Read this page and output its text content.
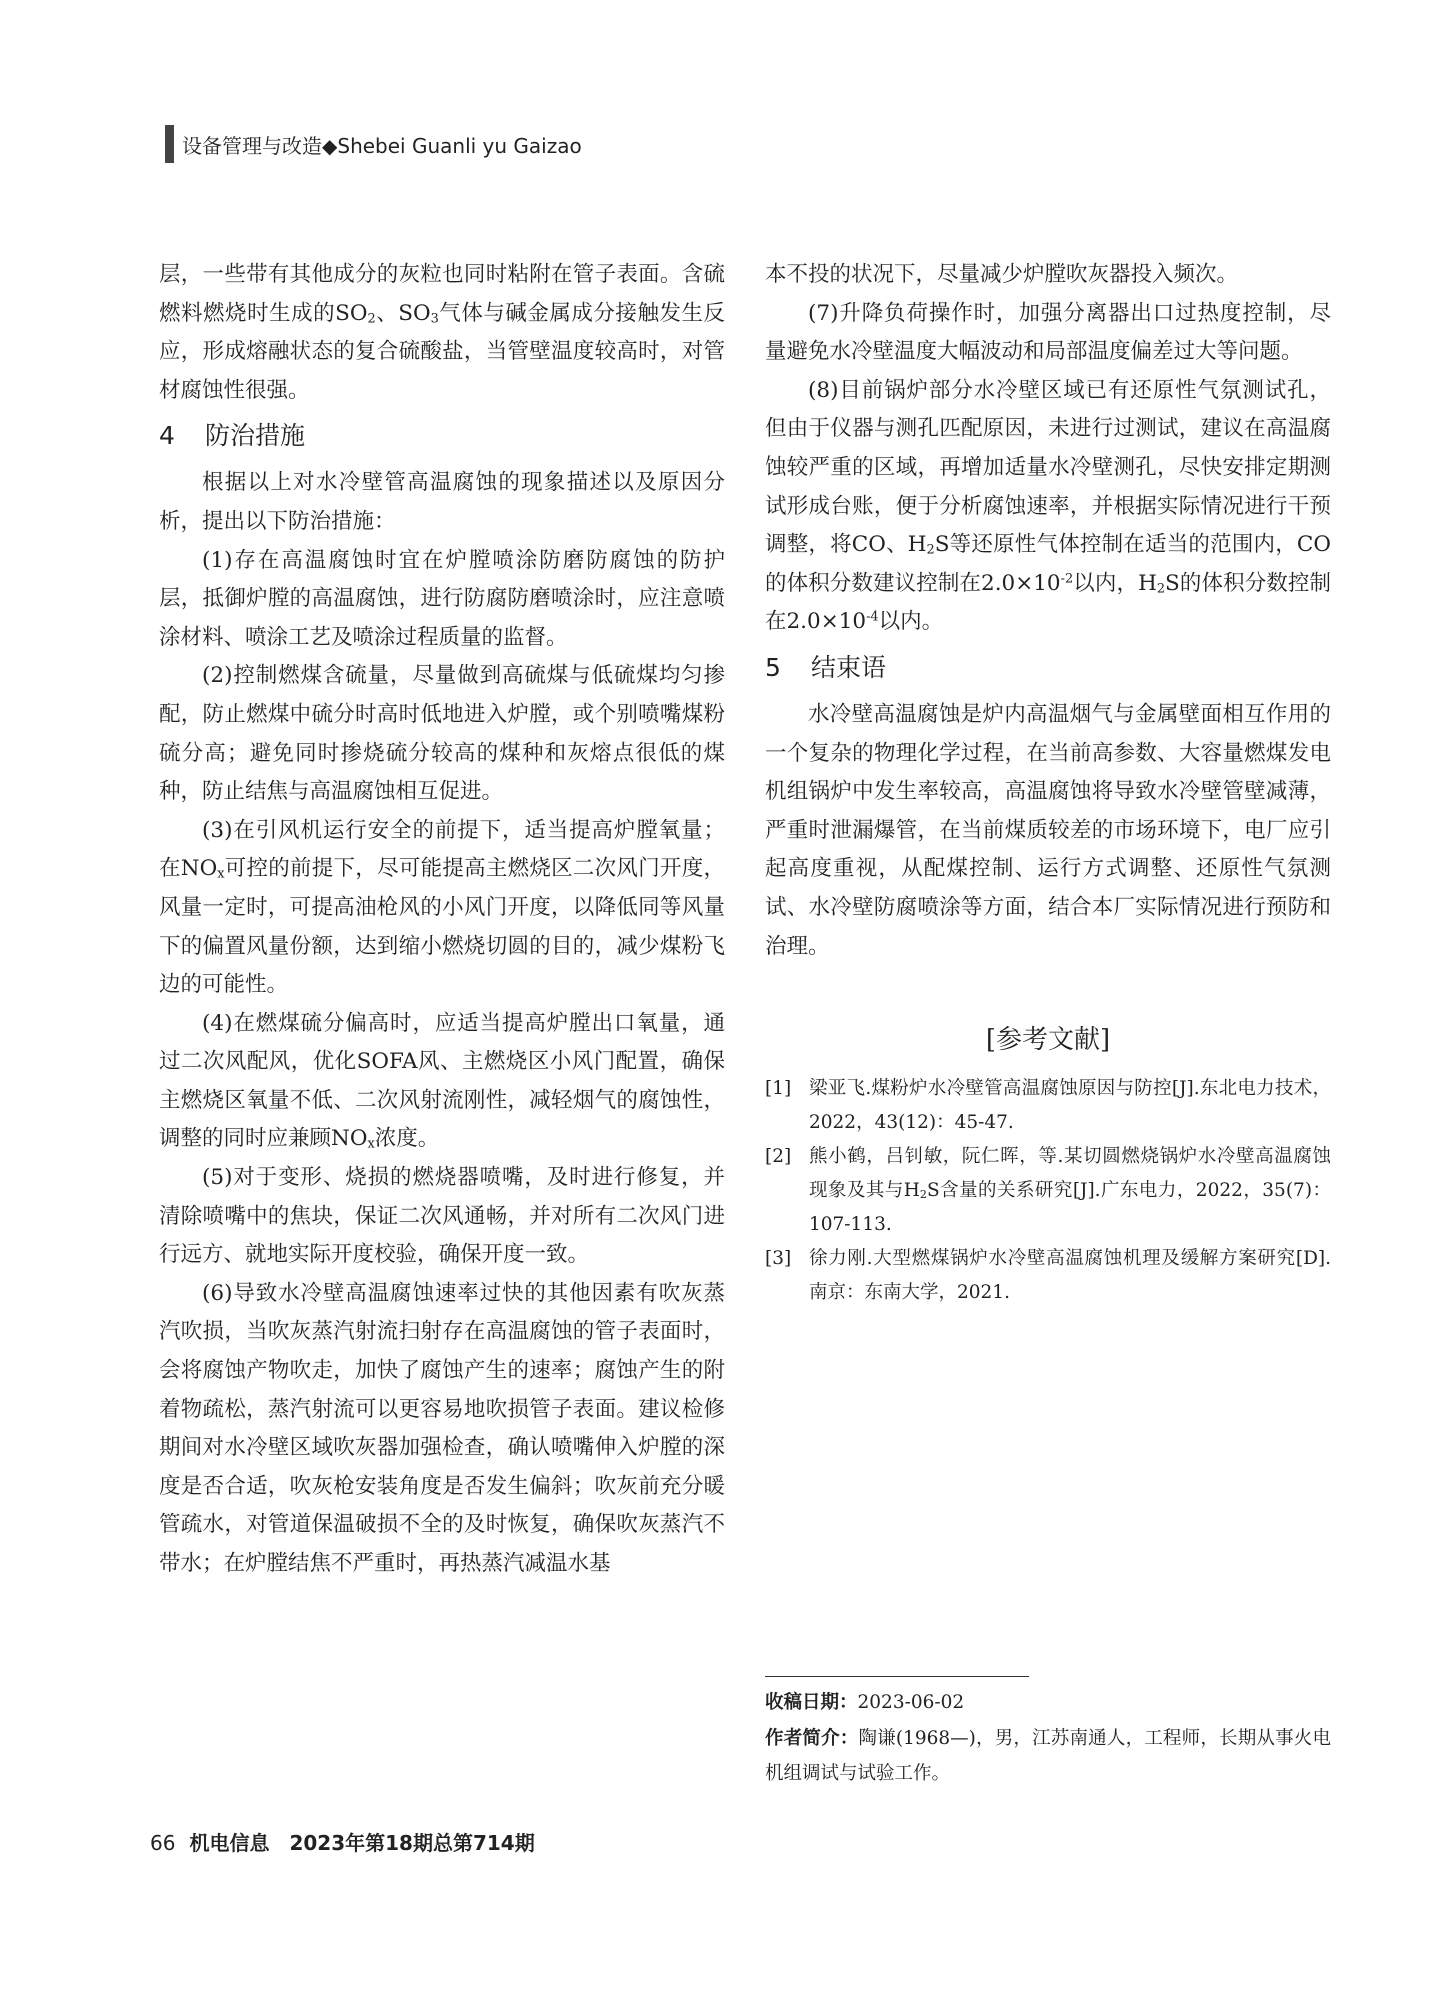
设备管理与改造◆Shebei Guanli yu Gaizao

层，一些带有其他成分的灰粒也同时粘附在管子表面。含硫燃料燃烧时生成的$SO_2$、$SO_3$气体与碱金属成分接触发生反应，形成熔融状态的复合硫酸盐，当管壁温度较高时，对管材腐蚀性很强。

4 防治措施

根据以上对水冷壁管高温腐蚀的现象描述以及原因分析，提出以下防治措施：

(1)存在高温腐蚀时宜在炉膛喷涂防磨防腐蚀的防护层，抵御炉膛的高温腐蚀，进行防腐防磨喷涂时，应注意喷涂材料、喷涂工艺及喷涂过程质量的监督。

(2)控制燃煤含硫量，尽量做到高硫煤与低硫煤均匀掺配，防止燃煤中硫分时高时低地进入炉膛，或个别喷嘴煤粉硫分高；避免同时掺烧硫分较高的煤种和灰熔点很低的煤种，防止结焦与高温腐蚀相互促进。

(3)在引风机运行安全的前提下，适当提高炉膛氧量；在$NO_x$可控的前提下，尽可能提高主燃烧区二次风门开度，风量一定时，可提高油枪风的小风门开度，以降低同等风量下的偏置风量份额，达到缩小燃烧切圆的目的，减少煤粉飞边的可能性。

(4)在燃煤硫分偏高时，应适当提高炉膛出口氧量，通过二次风配风，优化SOFA风、主燃烧区小风门配置，确保主燃烧区氧量不低、二次风射流刚性，减轻烟气的腐蚀性，调整的同时应兼顾$NO_x$浓度。

(5)对于变形、烧损的燃烧器喷嘴，及时进行修复，并清除喷嘴中的焦块，保证二次风通畅，并对所有二次风门进行远方、就地实际开度校验，确保开度一致。

(6)导致水冷壁高温腐蚀速率过快的其他因素有吹灰蒸汽吹损，当吹灰蒸汽射流扫射存在高温腐蚀的管子表面时，会将腐蚀产物吹走，加快了腐蚀产生的速率；腐蚀产生的附着物疏松，蒸汽射流可以更容易地吹损管子表面。建议检修期间对水冷壁区域吹灰器加强检查，确认喷嘴伸入炉膛的深度是否合适，吹灰枪安装角度是否发生偏斜；吹灰前充分暖管疏水，对管道保温破损不全的及时恢复，确保吹灰蒸汽不带水；在炉膛结焦不严重时，再热蒸汽减温水基

本不投的状况下，尽量减少炉膛吹灰器投入频次。

(7)升降负荷操作时，加强分离器出口过热度控制，尽量避免水冷壁温度大幅波动和局部温度偏差过大等问题。

(8)目前锅炉部分水冷壁区域已有还原性气氛测试孔，但由于仪器与测孔匹配原因，未进行过测试，建议在高温腐蚀较严重的区域，再增加适量水冷壁测孔，尽快安排定期测试形成台账，便于分析腐蚀速率，并根据实际情况进行干预调整，将CO、$H_2S$等还原性气体控制在适当的范围内，CO的体积分数建议控制在$2.0\times 10^{-2}$以内，$H_2S$的体积分数控制在$2.0\times 10^{-4}$以内。

5 结束语

水冷壁高温腐蚀是炉内高温烟气与金属壁面相互作用的一个复杂的物理化学过程，在当前高参数、大容量燃煤发电机组锅炉中发生率较高，高温腐蚀将导致水冷壁管壁减薄，严重时泄漏爆管，在当前煤质较差的市场环境下，电厂应引起高度重视，从配煤控制、运行方式调整、还原性气氛测试、水冷壁防腐喷涂等方面，结合本厂实际情况进行预防和治理。

[参考文献]
[1] 梁亚飞.煤粉炉水冷壁管高温腐蚀原因与防控[J].东北电力技术，2022，43(12)：45-47.
[2] 熊小鹤，吕钊敏，阮仁晖，等.某切圆燃烧锅炉水冷壁高温腐蚀现象及其与$H_2S$含量的关系研究[J].广东电力，2022，35(7)：107-113.
[3] 徐力刚.大型燃煤锅炉水冷壁高温腐蚀机理及缓解方案研究[D].南京：东南大学，2021.
收稿日期：2023-06-02
作者简介：陶谦(1968—)，男，江苏南通人，工程师，长期从事火电机组调试与试验工作。
66 机电信息　2023年第18期总第714期
